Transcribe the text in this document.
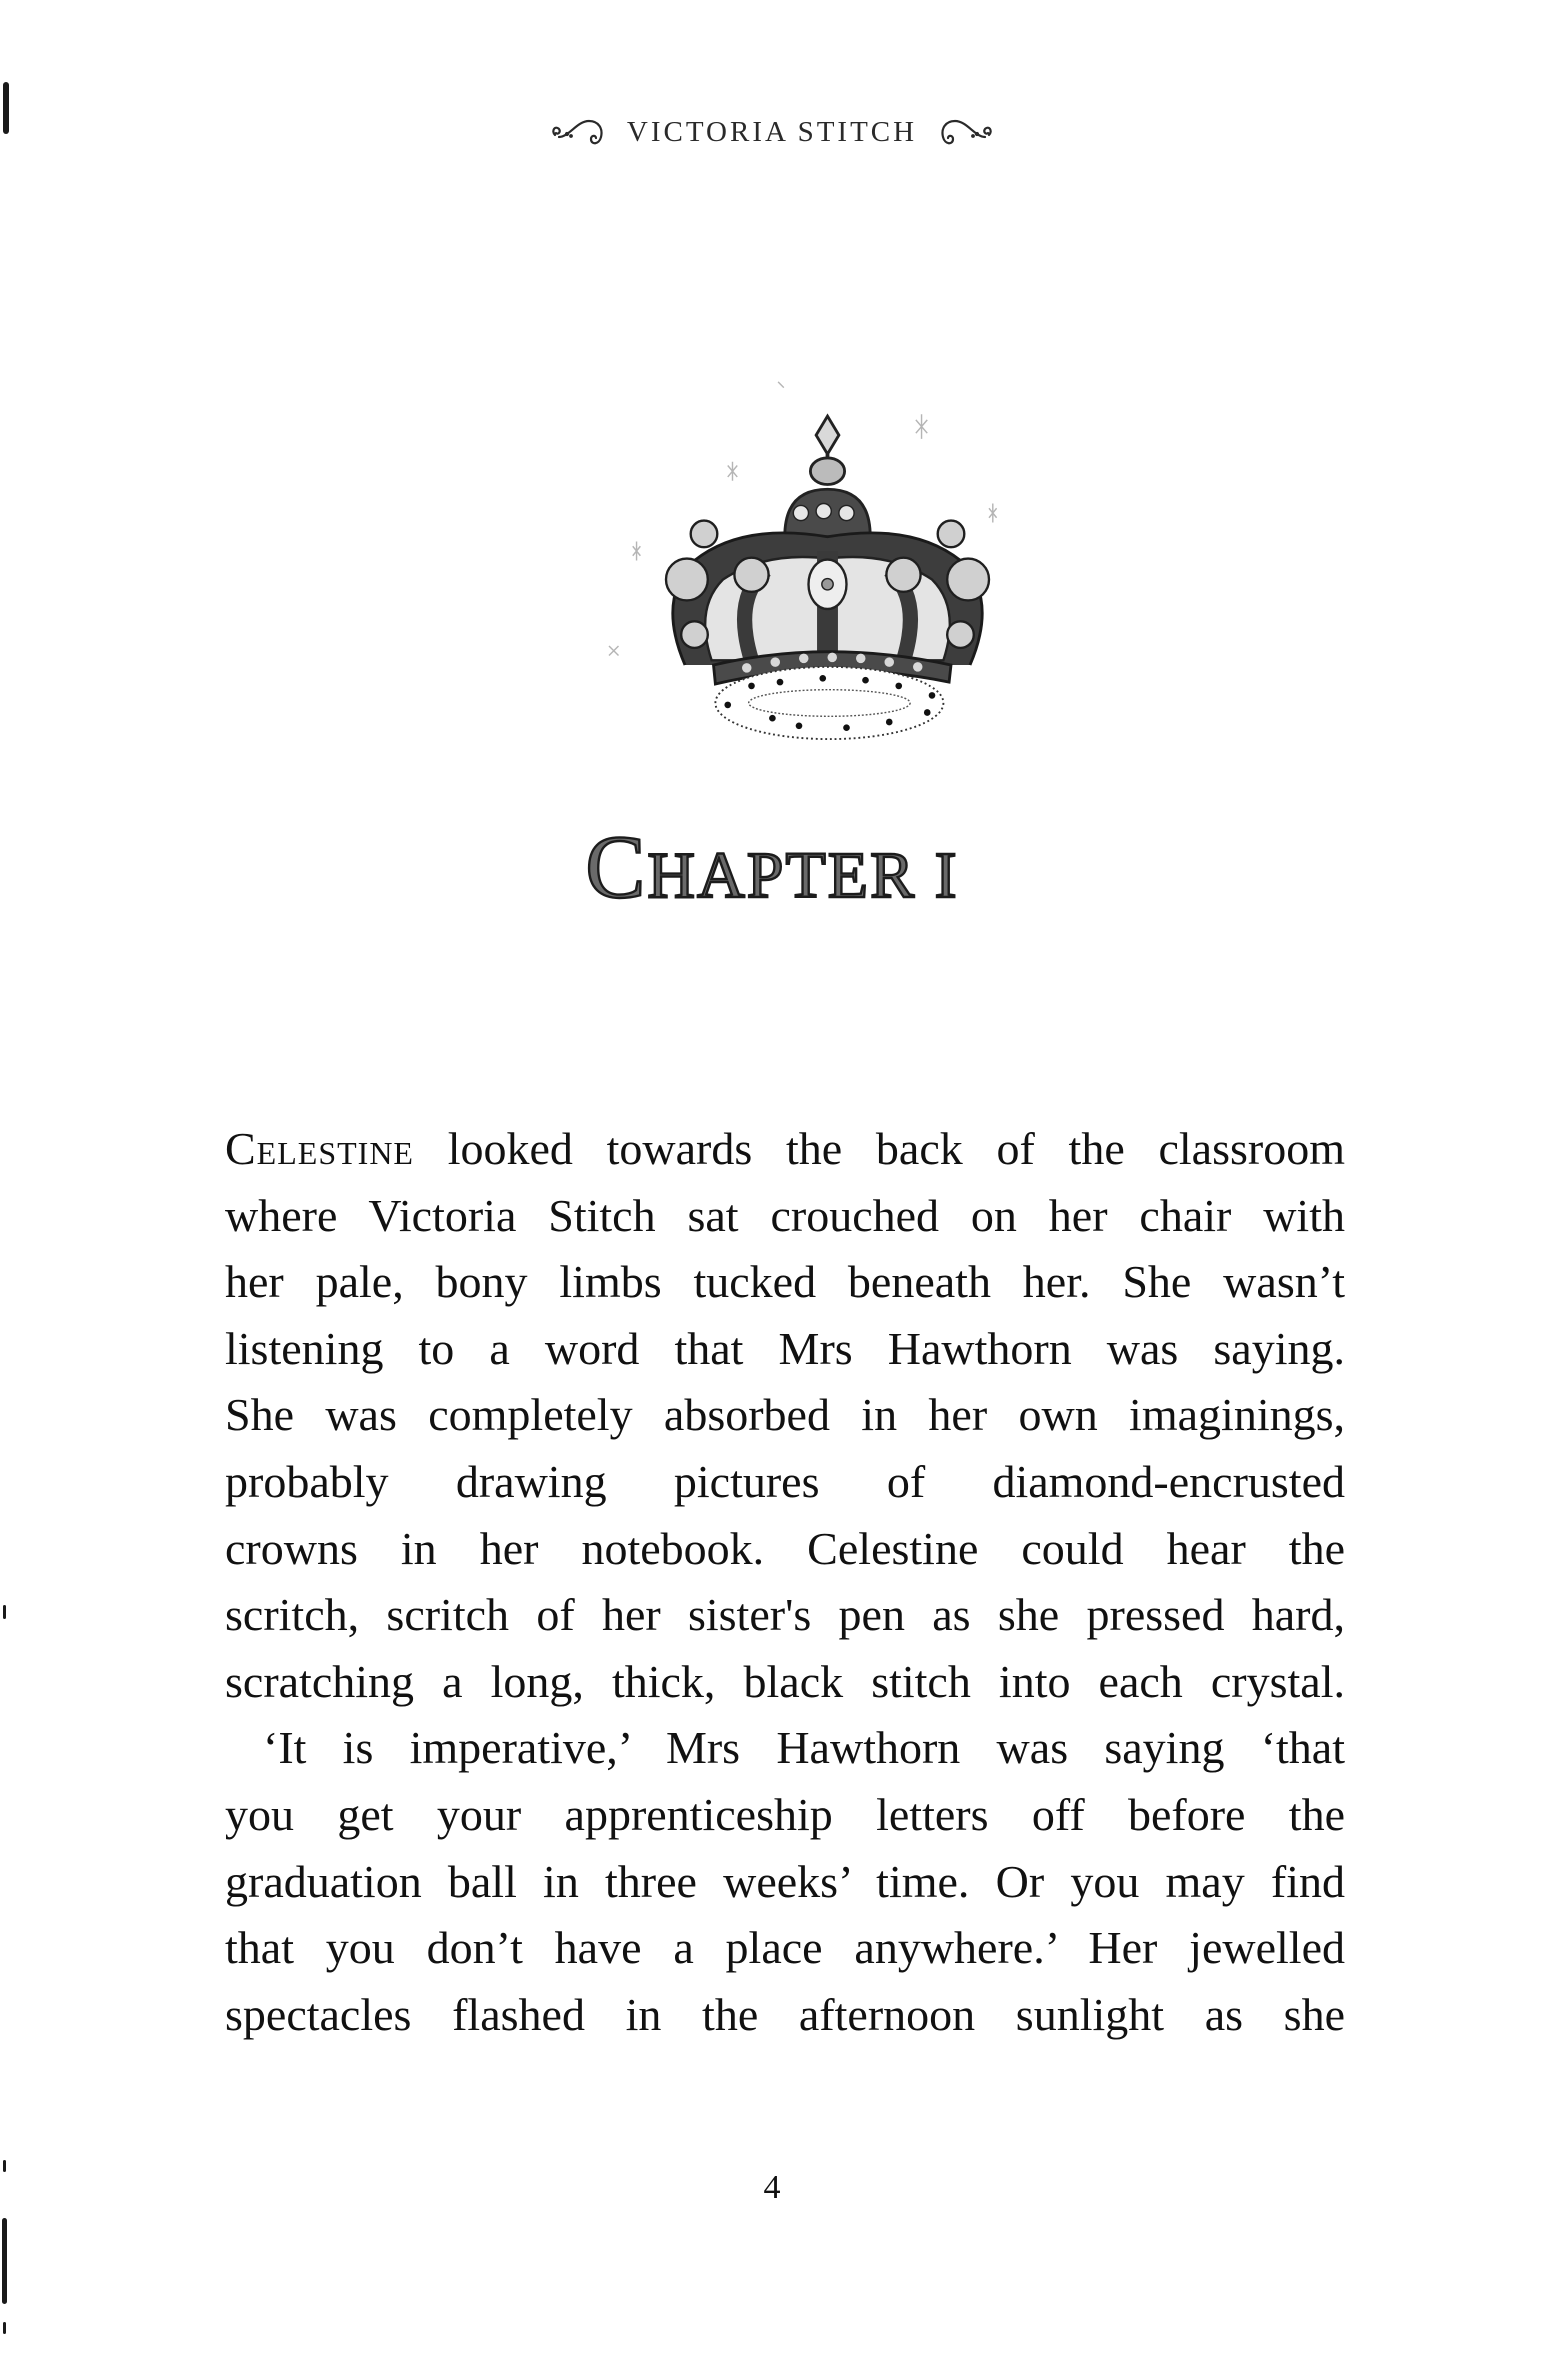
VICTORIA STITCH
CHAPTER I
Celestine looked towards the back of the classroom
where Victoria Stitch sat crouched on her chair with
her pale, bony limbs tucked beneath her. She wasn’t
listening to a word that Mrs Hawthorn was saying.
She was completely absorbed in her own imaginings,
probably drawing pictures of diamond-encrusted
crowns in her notebook. Celestine could hear the
scritch, scritch of her sister's pen as she pressed hard,
scratching a long, thick, black stitch into each crystal.
‘It is imperative,’ Mrs Hawthorn was saying ‘that
you get your apprenticeship letters off before the
graduation ball in three weeks’ time. Or you may find
that you don’t have a place anywhere.’ Her jewelled
spectacles flashed in the afternoon sunlight as she
4
